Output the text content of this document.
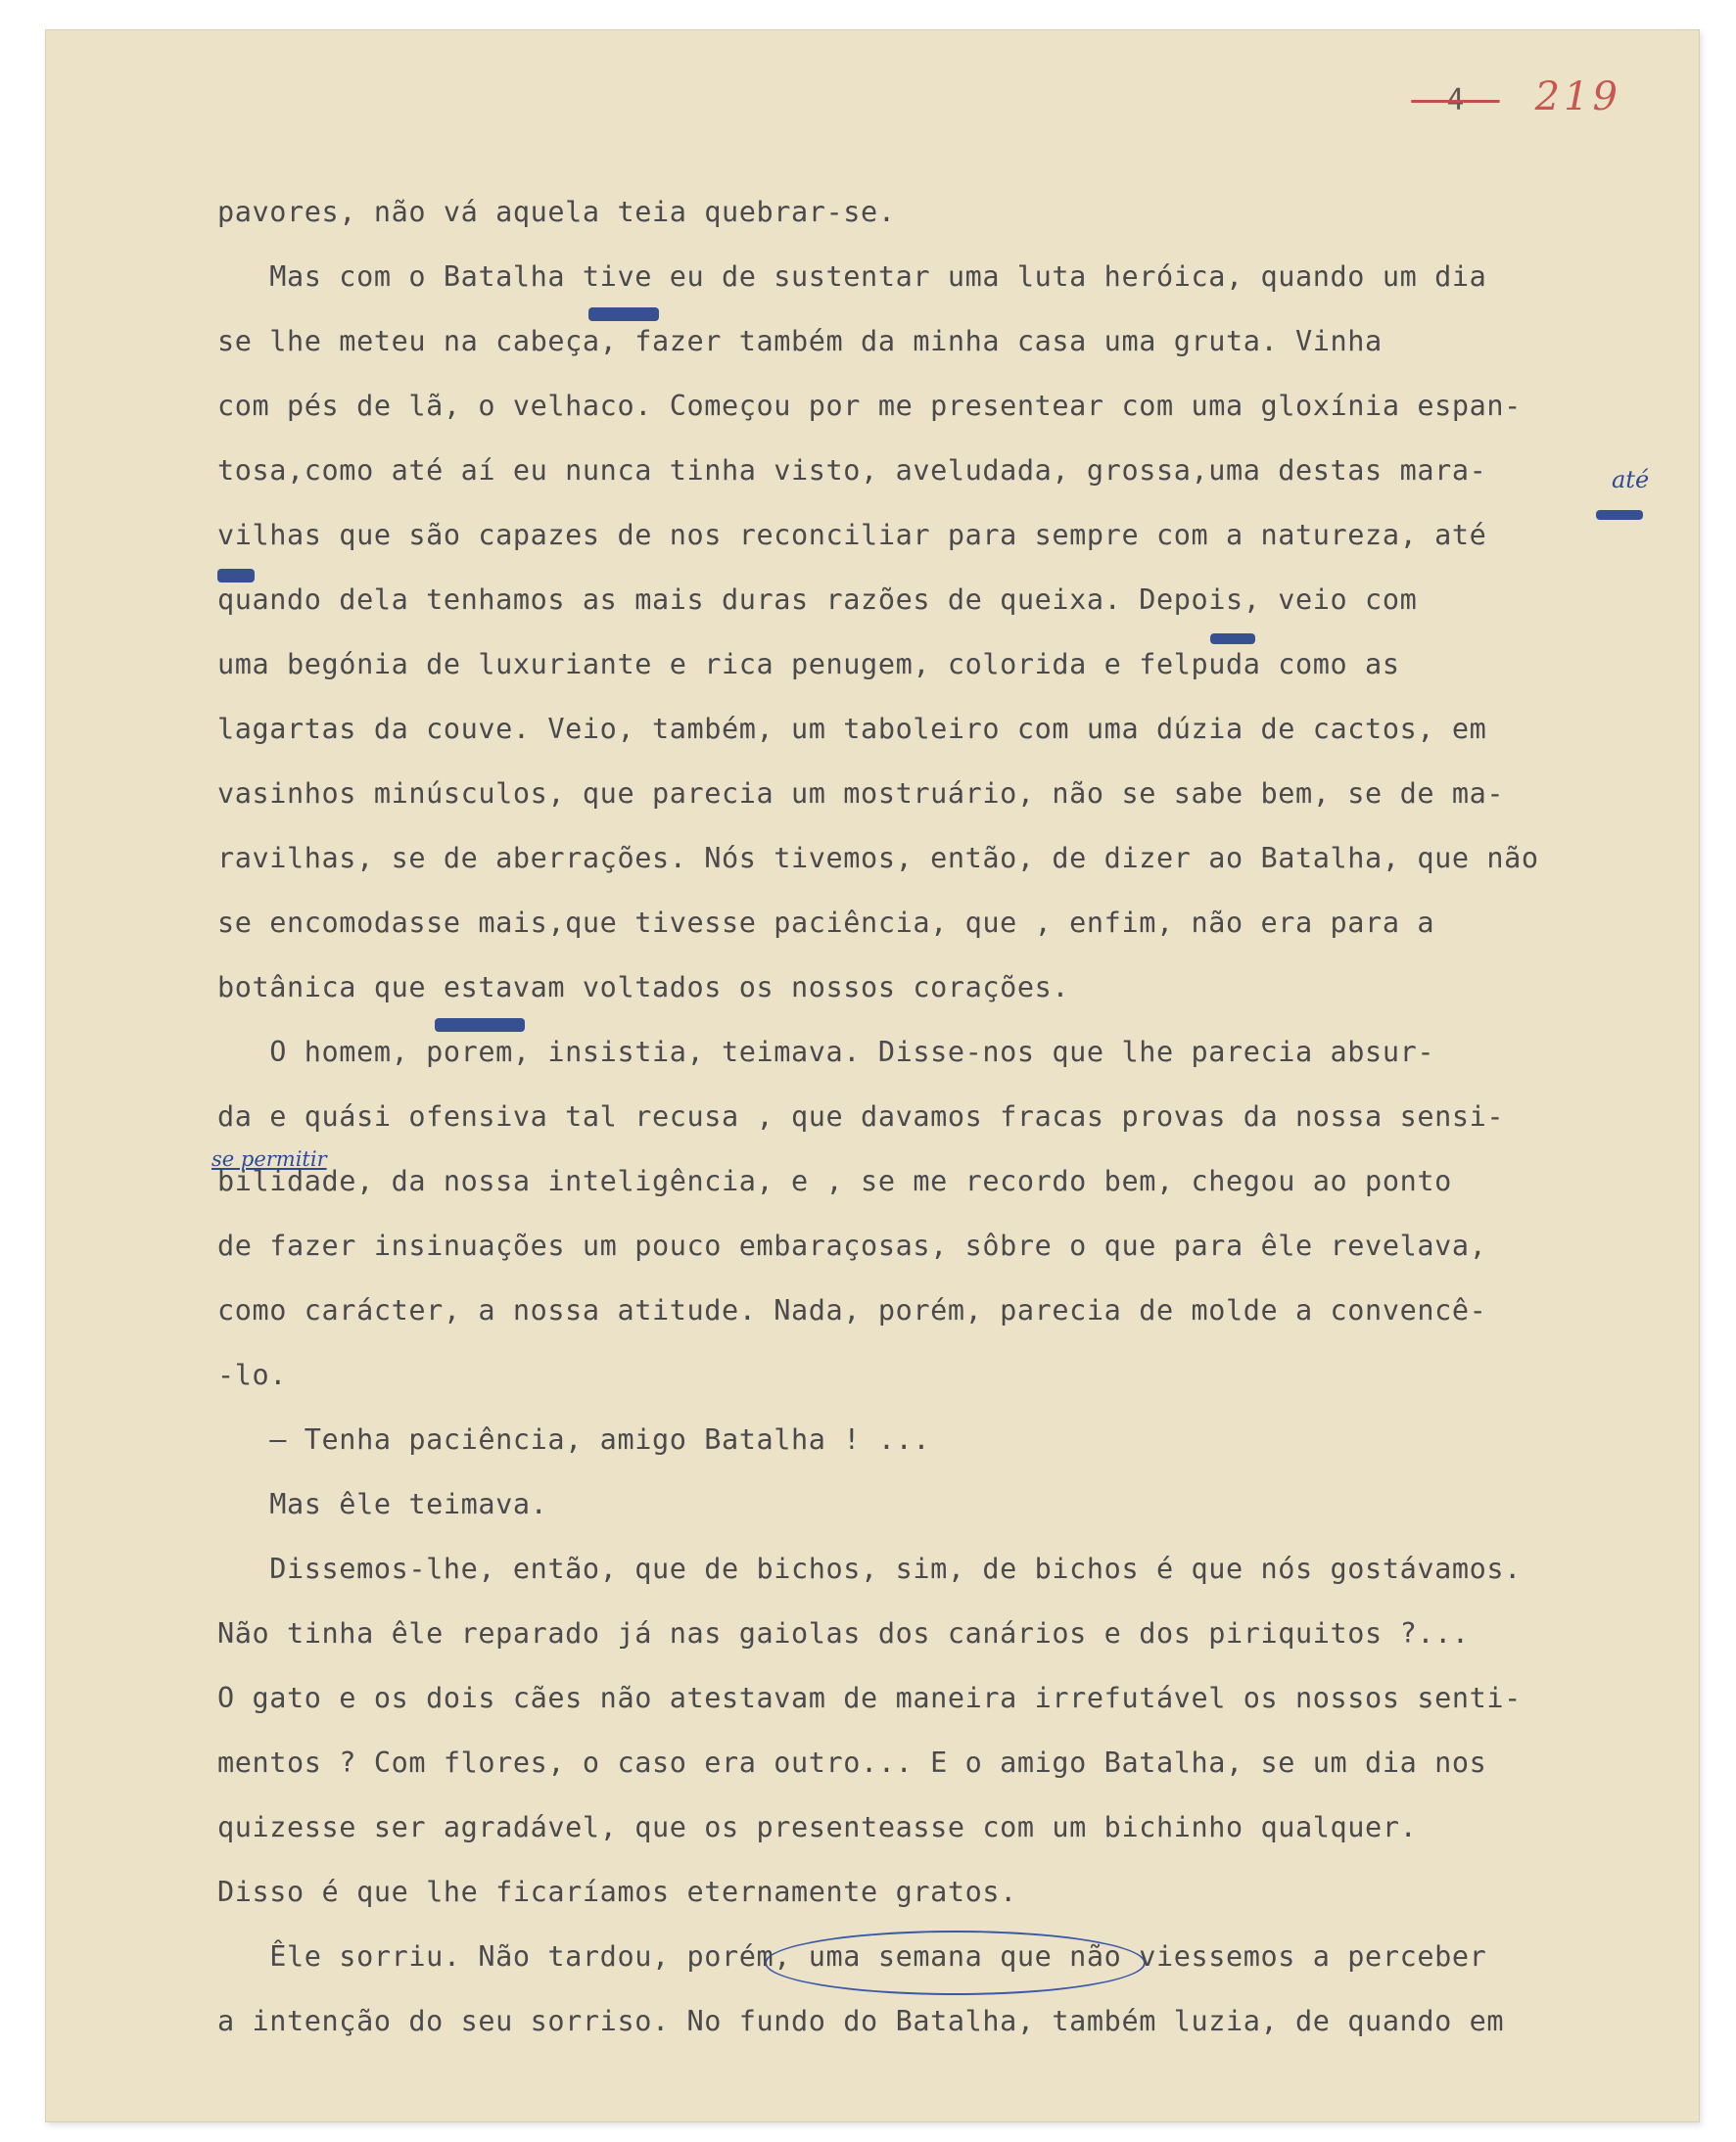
- 4 - 219
até
se permitir
pavores, não vá aquela teia quebrar-se.
Mas com o Batalha tive eu de sustentar uma luta heróica, quando um dia
se lhe meteu na cabeça, fazer também da minha casa uma gruta. Vinha
com pés de lã, o velhaco. Começou por me presentear com uma gloxínia espan-
tosa,como até aí eu nunca tinha visto, aveludada, grossa,uma destas mara-
vilhas que são capazes de nos reconciliar para sempre com a natureza, até
quando dela tenhamos as mais duras razões de queixa. Depois, veio com
uma begónia de luxuriante e rica penugem, colorida e felpuda como as
lagartas da couve. Veio, também, um taboleiro com uma dúzia de cactos, em
vasinhos minúsculos, que parecia um mostruário, não se sabe bem, se de ma-
ravilhas, se de aberrações. Nós tivemos, então, de dizer ao Batalha, que não
se encomodasse mais,que tivesse paciência, que , enfim, não era para a
botânica que estavam voltados os nossos corações.
O homem, porem, insistia, teimava. Disse-nos que lhe parecia absur-
da e quási ofensiva tal recusa , que davamos fracas provas da nossa sensi-
bilidade, da nossa inteligência, e , se me recordo bem, chegou ao ponto
de fazer insinuações um pouco embaraçosas, sôbre o que para êle revelava,
como carácter, a nossa atitude. Nada, porém, parecia de molde a convencê-
-lo.
— Tenha paciência, amigo Batalha ! ...
Mas êle teimava.
Dissemos-lhe, então, que de bichos, sim, de bichos é que nós gostávamos.
Não tinha êle reparado já nas gaiolas dos canários e dos piriquitos ?...
O gato e os dois cães não atestavam de maneira irrefutável os nossos senti-
mentos ? Com flores, o caso era outro... E o amigo Batalha, se um dia nos
quizesse ser agradável, que os presenteasse com um bichinho qualquer.
Disso é que lhe ficaríamos eternamente gratos.
Êle sorriu. Não tardou, porém, uma semana que não viessemos a perceber
a intenção do seu sorriso. No fundo do Batalha, também luzia, de quando em
